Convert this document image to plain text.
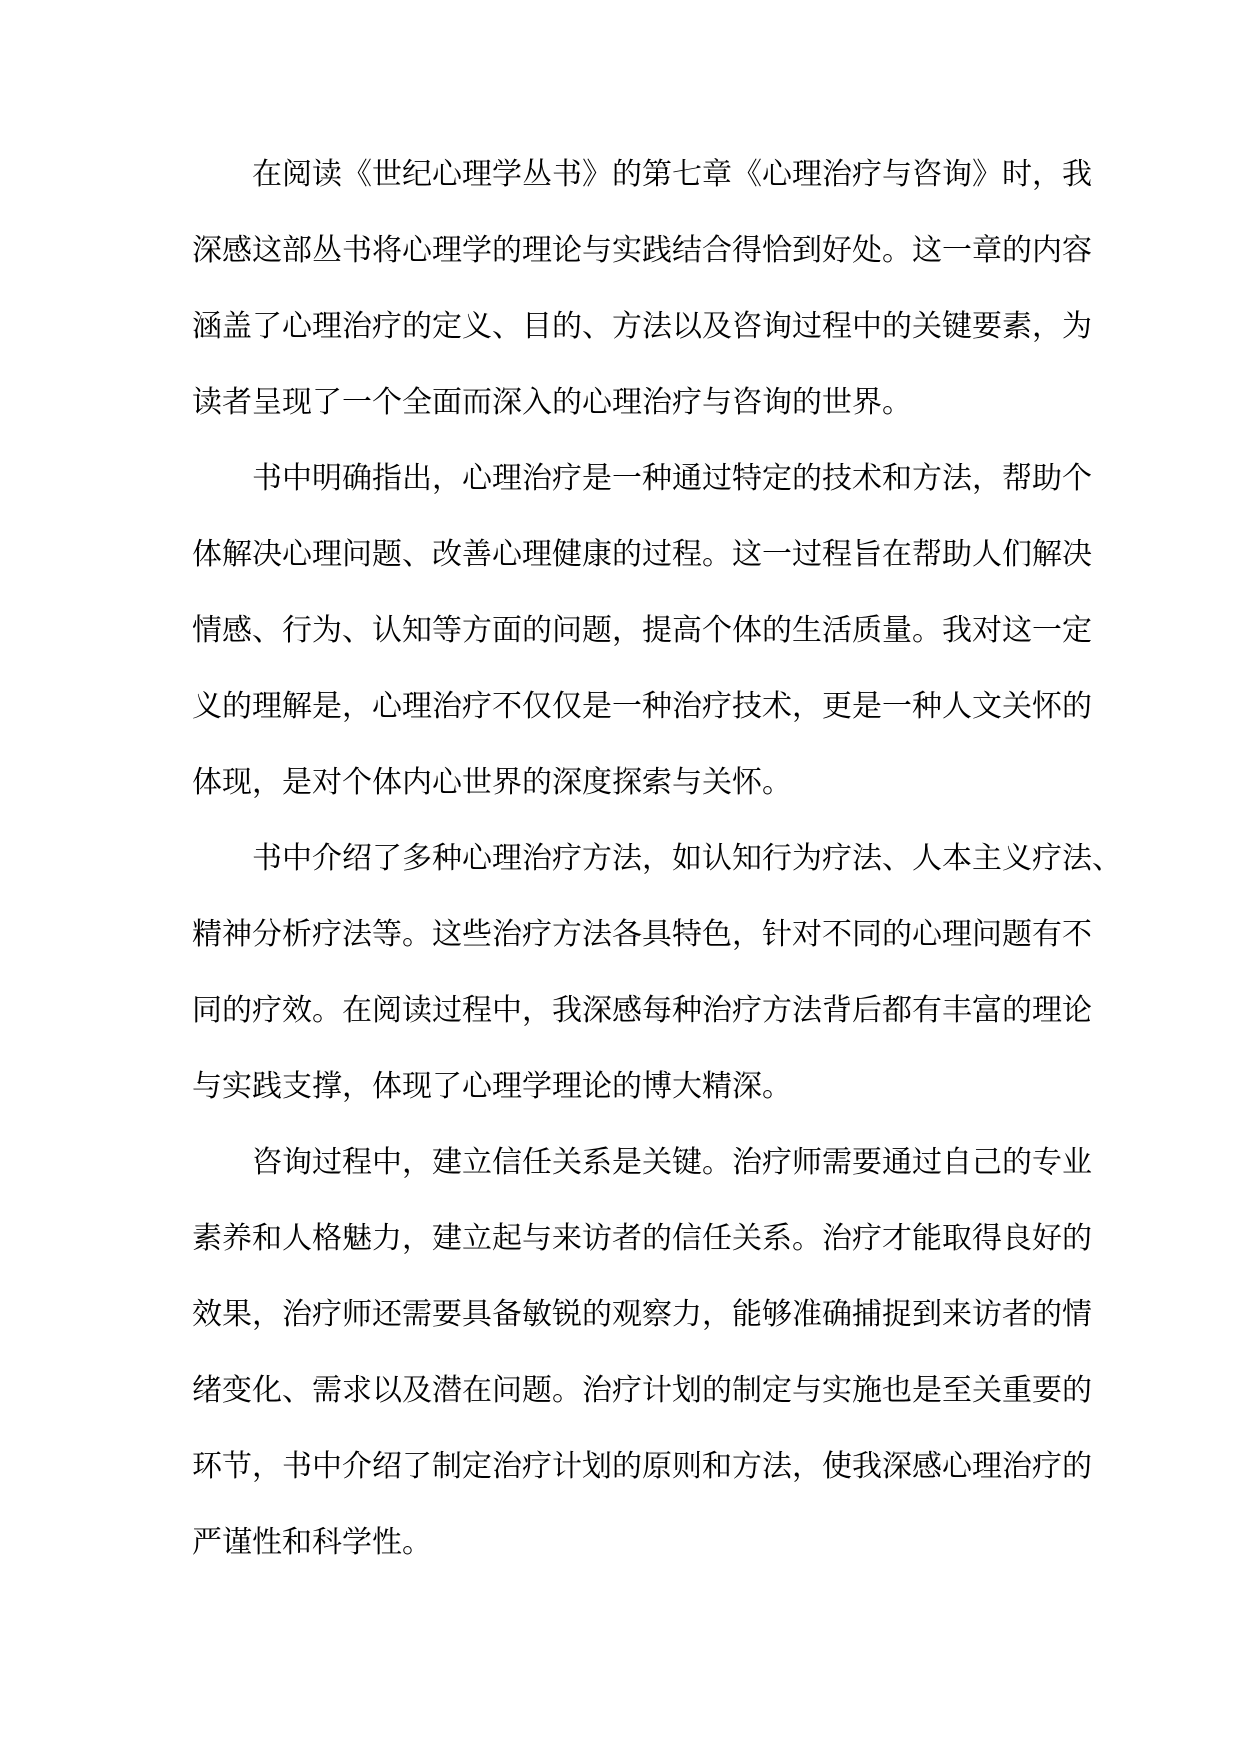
在阅读《世纪心理学丛书》的第七章《心理治疗与咨询》时，我
深感这部丛书将心理学的理论与实践结合得恰到好处。这一章的内容
涵盖了心理治疗的定义、目的、方法以及咨询过程中的关键要素，为
读者呈现了一个全面而深入的心理治疗与咨询的世界。
书中明确指出，心理治疗是一种通过特定的技术和方法，帮助个
体解决心理问题、改善心理健康的过程。这一过程旨在帮助人们解决
情感、行为、认知等方面的问题，提高个体的生活质量。我对这一定
义的理解是，心理治疗不仅仅是一种治疗技术，更是一种人文关怀的
体现，是对个体内心世界的深度探索与关怀。
书中介绍了多种心理治疗方法，如认知行为疗法、人本主义疗法、
精神分析疗法等。这些治疗方法各具特色，针对不同的心理问题有不
同的疗效。在阅读过程中，我深感每种治疗方法背后都有丰富的理论
与实践支撑，体现了心理学理论的博大精深。
咨询过程中，建立信任关系是关键。治疗师需要通过自己的专业
素养和人格魅力，建立起与来访者的信任关系。治疗才能取得良好的
效果，治疗师还需要具备敏锐的观察力，能够准确捕捉到来访者的情
绪变化、需求以及潜在问题。治疗计划的制定与实施也是至关重要的
环节，书中介绍了制定治疗计划的原则和方法，使我深感心理治疗的
严谨性和科学性。
